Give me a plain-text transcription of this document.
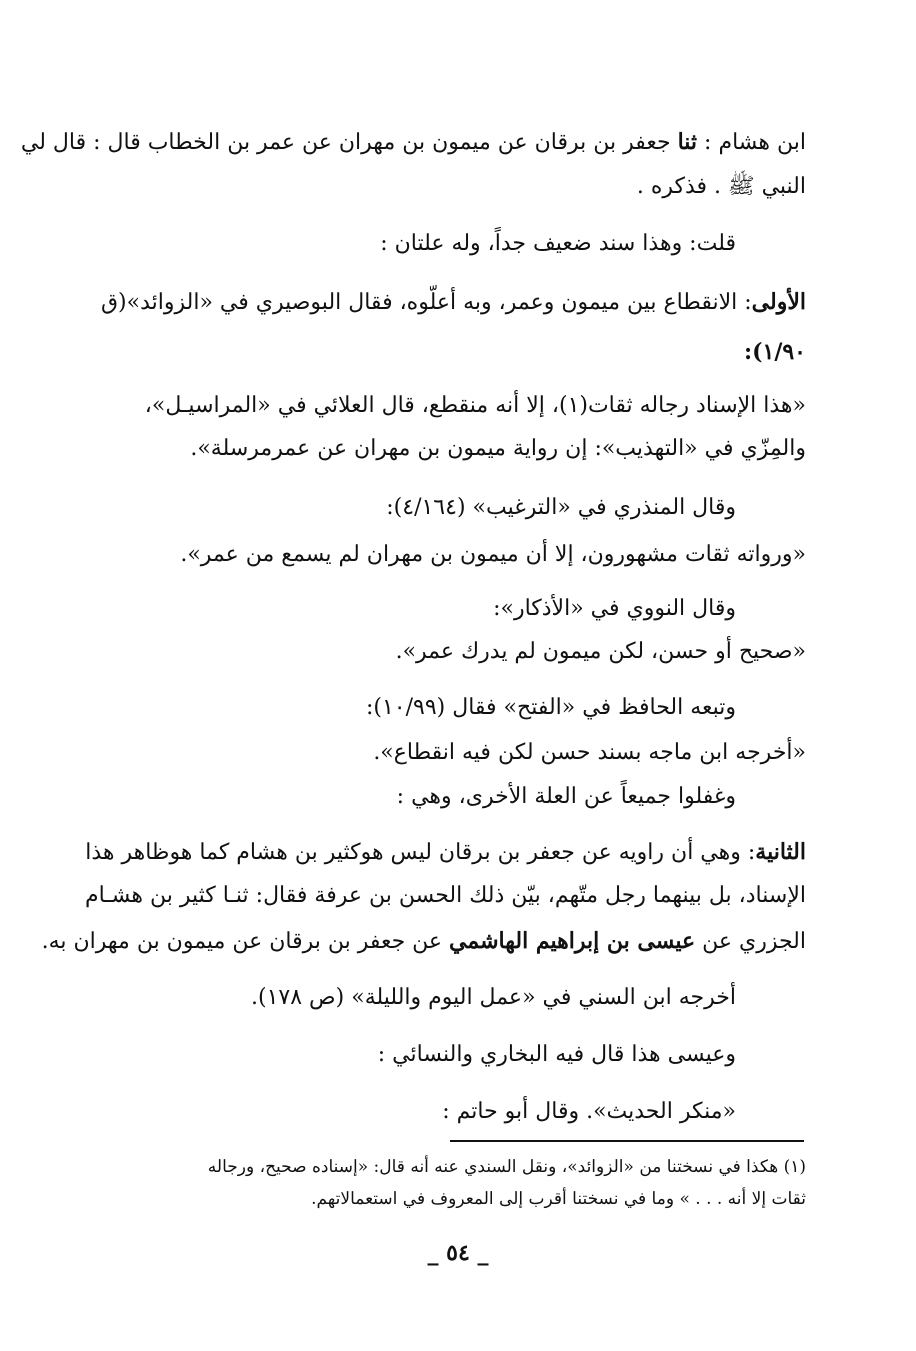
ابن هشام : ثنا جعفر بن برقان عن ميمون بن مهران عن عمر بن الخطاب قال : قال لي
النبي ﷺ . فذكره .
قلت: وهذا سند ضعيف جداً، وله علتان :
الأولى: الانقطاع بين ميمون وعمر، وبه أعلّوه، فقال البوصيري في «الزوائد»(ق
١/٩٠):
«هذا الإسناد رجاله ثقات(١)، إلا أنه منقطع، قال العلائي في «المراسيـل»،
والمِزّي في «التهذيب»: إن رواية ميمون بن مهران عن عمرمرسلة».
وقال المنذري في «الترغيب» (٤/١٦٤):
«ورواته ثقات مشهورون، إلا أن ميمون بن مهران لم يسمع من عمر».
وقال النووي في «الأذكار»:
«صحيح أو حسن، لكن ميمون لم يدرك عمر».
وتبعه الحافظ في «الفتح» فقال (١٠/٩٩):
«أخرجه ابن ماجه بسند حسن لكن فيه انقطاع».
وغفلوا جميعاً عن العلة الأخرى، وهي :
الثانية: وهي أن راويه عن جعفر بن برقان ليس هوكثير بن هشام كما هوظاهر هذا
الإسناد، بل بينهما رجل متّهم، بيّن ذلك الحسن بن عرفة فقال: ثنـا كثير بن هشـام
الجزري عن عيسى بن إبراهيم الهاشمي عن جعفر بن برقان عن ميمون بن مهران به.
أخرجه ابن السني في «عمل اليوم والليلة» (ص ١٧٨).
وعيسى هذا قال فيه البخاري والنسائي :
«منكر الحديث». وقال أبو حاتم :
(١) هكذا في نسختنا من «الزوائد»، ونقل السندي عنه أنه قال: «إسناده صحيح، ورجاله
ثقات إلا أنه . . . » وما في نسختنا أقرب إلى المعروف في استعمالاتهم.
_ ٥٤ _
